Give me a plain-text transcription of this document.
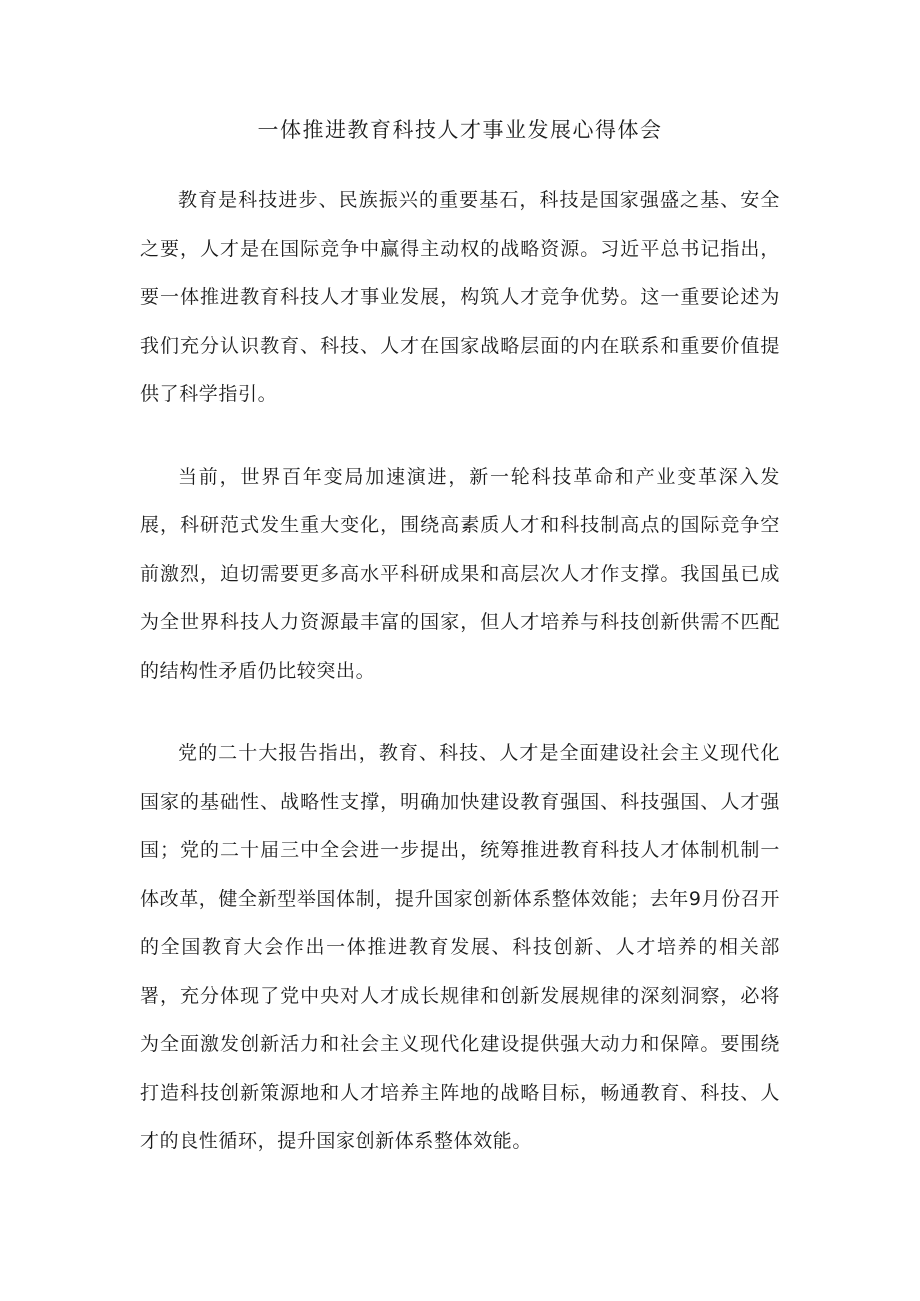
一体推进教育科技人才事业发展心得体会

教育是科技进步、民族振兴的重要基石，科技是国家强盛之基、安全之要，人才是在国际竞争中赢得主动权的战略资源。习近平总书记指出，要一体推进教育科技人才事业发展，构筑人才竞争优势。这一重要论述为我们充分认识教育、科技、人才在国家战略层面的内在联系和重要价值提供了科学指引。

当前，世界百年变局加速演进，新一轮科技革命和产业变革深入发展，科研范式发生重大变化，围绕高素质人才和科技制高点的国际竞争空前激烈，迫切需要更多高水平科研成果和高层次人才作支撑。我国虽已成为全世界科技人力资源最丰富的国家，但人才培养与科技创新供需不匹配的结构性矛盾仍比较突出。

党的二十大报告指出，教育、科技、人才是全面建设社会主义现代化国家的基础性、战略性支撑，明确加快建设教育强国、科技强国、人才强国；党的二十届三中全会进一步提出，统筹推进教育科技人才体制机制一体改革，健全新型举国体制，提升国家创新体系整体效能；去年9月份召开的全国教育大会作出一体推进教育发展、科技创新、人才培养的相关部署，充分体现了党中央对人才成长规律和创新发展规律的深刻洞察，必将为全面激发创新活力和社会主义现代化建设提供强大动力和保障。要围绕打造科技创新策源地和人才培养主阵地的战略目标，畅通教育、科技、人才的良性循环，提升国家创新体系整体效能。
